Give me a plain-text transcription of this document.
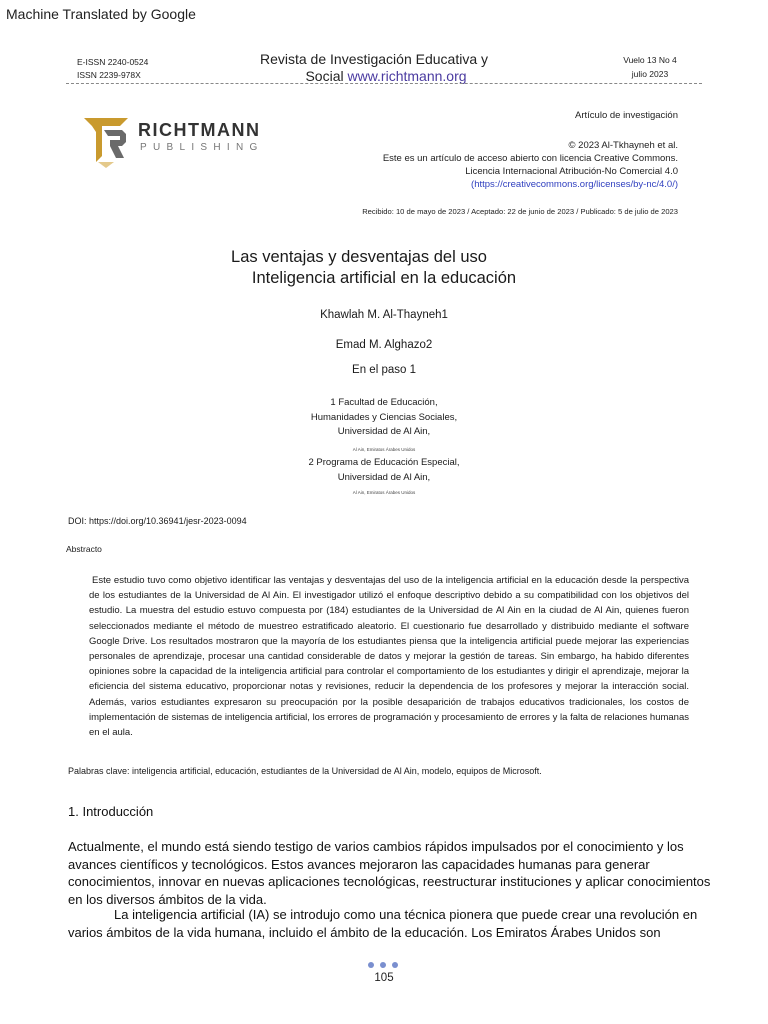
Machine Translated by Google
E-ISSN 2240-0524
ISSN 2239-978X
Revista de Investigación Educativa y
Social www.richtmann.org
Vuelo 13 No 4
julio 2023
RICHTMANN
PUBLISHING
Artículo de investigación
© 2023 Al-Tkhayneh et al.
Este es un artículo de acceso abierto con licencia Creative Commons.
Licencia Internacional Atribución-No Comercial 4.0
(https://creativecommons.org/licenses/by-nc/4.0/)
Recibido: 10 de mayo de 2023 / Aceptado: 22 de junio de 2023 / Publicado: 5 de julio de 2023
Las ventajas y desventajas del uso
Inteligencia artificial en la educación
Khawlah M. Al-Thayneh1
Emad M. Alghazo2
En el paso 1
1 Facultad de Educación,
Humanidades y Ciencias Sociales,
Universidad de Al Ain,
Al Ain, Emiratos Árabes Unidos
2 Programa de Educación Especial,
Universidad de Al Ain,
Al Ain, Emiratos Árabes Unidos
DOI: https://doi.org/10.36941/jesr-2023-0094
Abstracto
Este estudio tuvo como objetivo identificar las ventajas y desventajas del uso de la inteligencia artificial en la educación desde la perspectiva de los estudiantes de la Universidad de Al Ain. El investigador utilizó el enfoque descriptivo debido a su compatibilidad con los objetivos del estudio. La muestra del estudio estuvo compuesta por (184) estudiantes de la Universidad de Al Ain en la ciudad de Al Ain, quienes fueron seleccionados mediante el método de muestreo estratificado aleatorio. El cuestionario fue desarrollado y distribuido mediante el software Google Drive. Los resultados mostraron que la mayoría de los estudiantes piensa que la inteligencia artificial puede mejorar las experiencias personales de aprendizaje, procesar una cantidad considerable de datos y mejorar la gestión de tareas. Sin embargo, ha habido diferentes opiniones sobre la capacidad de la inteligencia artificial para controlar el comportamiento de los estudiantes y dirigir el aprendizaje, mejorar la eficiencia del sistema educativo, proporcionar notas y revisiones, reducir la dependencia de los profesores y mejorar la interacción social. Además, varios estudiantes expresaron su preocupación por la posible desaparición de trabajos educativos tradicionales, los costos de implementación de sistemas de inteligencia artificial, los errores de programación y procesamiento de errores y la falta de relaciones humanas en el aula.
Palabras clave: inteligencia artificial, educación, estudiantes de la Universidad de Al Ain, modelo, equipos de Microsoft.
1. Introducción
Actualmente, el mundo está siendo testigo de varios cambios rápidos impulsados por el conocimiento y los avances científicos y tecnológicos. Estos avances mejoraron las capacidades humanas para generar conocimientos, innovar en nuevas aplicaciones tecnológicas, reestructurar instituciones y aplicar conocimientos en los diversos ámbitos de la vida.
La inteligencia artificial (IA) se introdujo como una técnica pionera que puede crear una revolución en varios ámbitos de la vida humana, incluido el ámbito de la educación. Los Emiratos Árabes Unidos son
105
